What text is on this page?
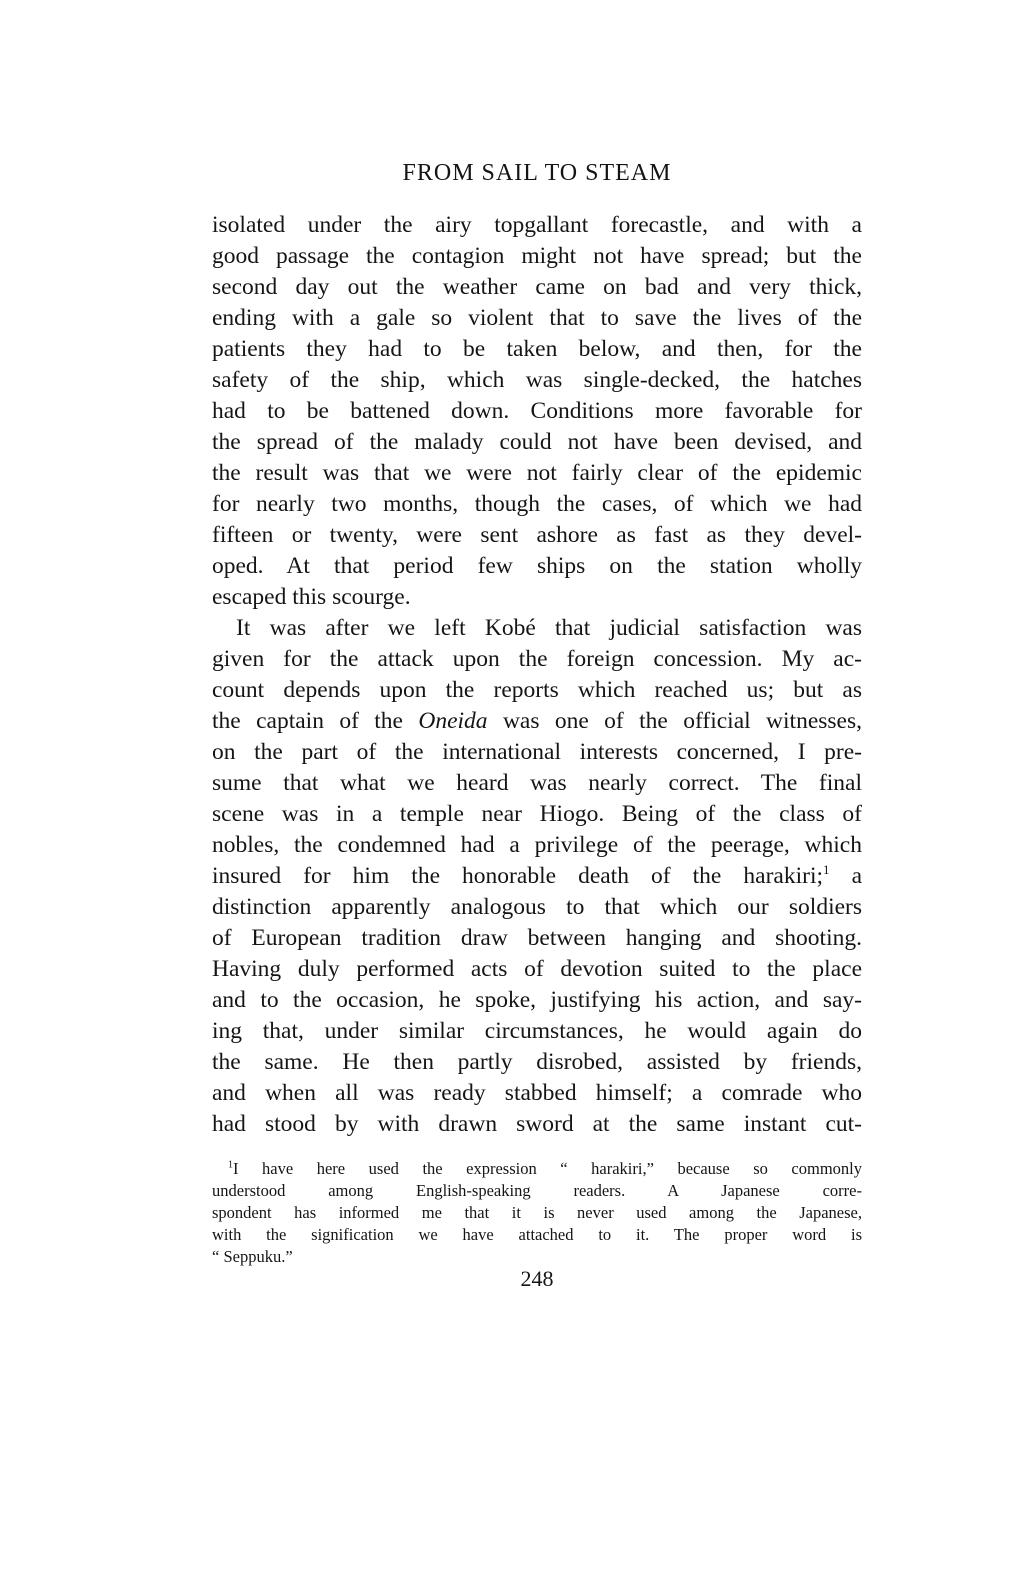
FROM SAIL TO STEAM
isolated under the airy topgallant forecastle, and with a
good passage the contagion might not have spread; but the
second day out the weather came on bad and very thick,
ending with a gale so violent that to save the lives of the
patients they had to be taken below, and then, for the
safety of the ship, which was single-decked, the hatches
had to be battened down. Conditions more favorable for
the spread of the malady could not have been devised, and
the result was that we were not fairly clear of the epidemic
for nearly two months, though the cases, of which we had
fifteen or twenty, were sent ashore as fast as they devel-
oped. At that period few ships on the station wholly
escaped this scourge.
It was after we left Kobé that judicial satisfaction was
given for the attack upon the foreign concession. My ac-
count depends upon the reports which reached us; but as
the captain of the Oneida was one of the official witnesses,
on the part of the international interests concerned, I pre-
sume that what we heard was nearly correct. The final
scene was in a temple near Hiogo. Being of the class of
nobles, the condemned had a privilege of the peerage, which
insured for him the honorable death of the harakiri;$^1$ a
distinction apparently analogous to that which our soldiers
of European tradition draw between hanging and shooting.
Having duly performed acts of devotion suited to the place
and to the occasion, he spoke, justifying his action, and say-
ing that, under similar circumstances, he would again do
the same. He then partly disrobed, assisted by friends,
and when all was ready stabbed himself; a comrade who
had stood by with drawn sword at the same instant cut-
$^1$I have here used the expression “ harakiri,” because so commonly
understood among English-speaking readers. A Japanese corre-
spondent has informed me that it is never used among the Japanese,
with the signification we have attached to it. The proper word is
“ Seppuku.”

248
